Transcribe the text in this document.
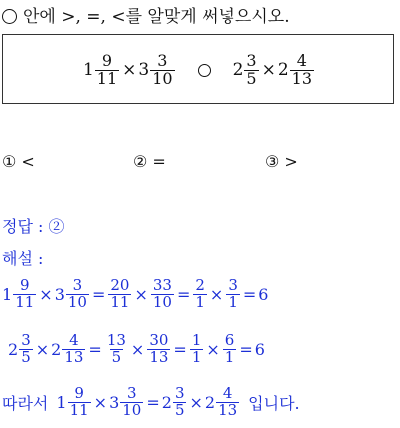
안에 >, =, <를 알맞게 써넣으시오.
$1 \frac{9}{11} \times 3 \frac{3}{10}$	$2 \frac{3}{5} \times 2 \frac{4}{13}$
① <	② =	③ >
정답 : ②
해설 :
$1 \frac{9}{11} \times 3 \frac{3}{10} = \frac{20}{11} \times \frac{33}{10} = \frac{2}{1} \times \frac{3}{1} = 6$
$2 \frac{3}{5} \times 2 \frac{4}{13} = \frac{13}{5} \times \frac{30}{13} = \frac{1}{1} \times \frac{6}{1} = 6$
따라서 $1 \frac{9}{11} \times 3 \frac{3}{10} = 2 \frac{3}{5} \times 2 \frac{4}{13}$ 입니다.
